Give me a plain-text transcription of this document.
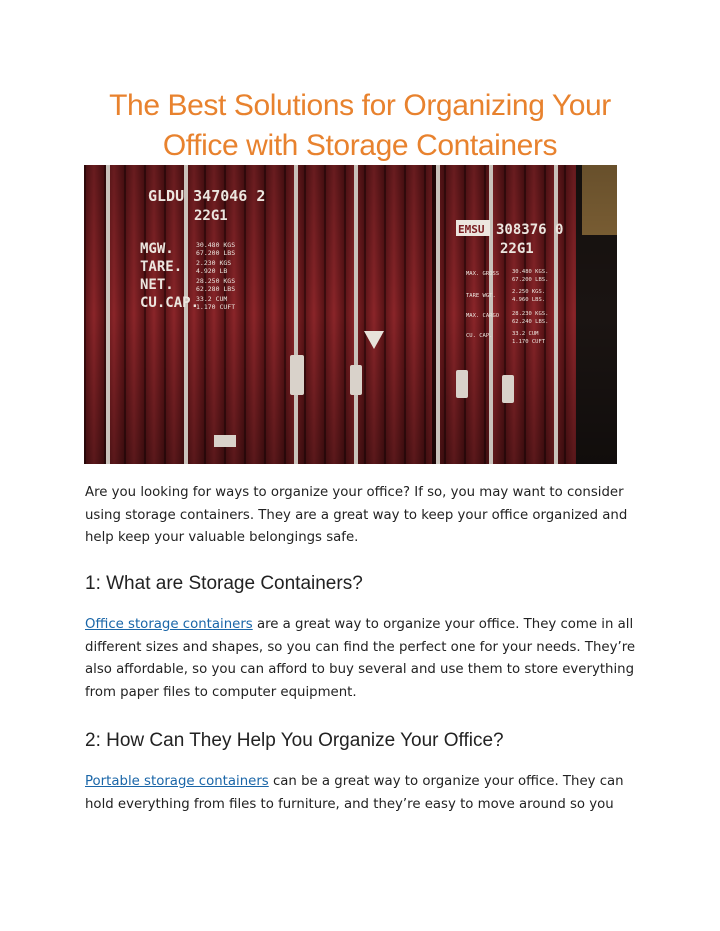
The Best Solutions for Organizing Your
Office with Storage Containers
GLDU 347046 2
22G1
MGW.
TARE.
NET.
CU.CAP.
30.480 KGS
67.200 LBS
2.230 KGS
4.920 LB
28.250 KGS
62.280 LBS
33.2 CUM
1.170 CUFT
EMSU 308376 0
22G1
MAX. GROSS
TARE WGT.
MAX. CARGO
CU. CAP.
30.480 KGS.
67.200 LBS.
2.250 KGS.
4.960 LBS.
28.230 KGS.
62.240 LBS.
33.2 CUM
1.170 CUFT

Are you looking for ways to organize your office? If so, you may want to consider using storage containers. They are a great way to keep your office organized and help keep your valuable belongings safe.

1: What are Storage Containers?

Office storage containers are a great way to organize your office. They come in all different sizes and shapes, so you can find the perfect one for your needs. They’re also affordable, so you can afford to buy several and use them to store everything from paper files to computer equipment.

2: How Can They Help You Organize Your Office?

Portable storage containers can be a great way to organize your office. They can hold everything from files to furniture, and they’re easy to move around so you
